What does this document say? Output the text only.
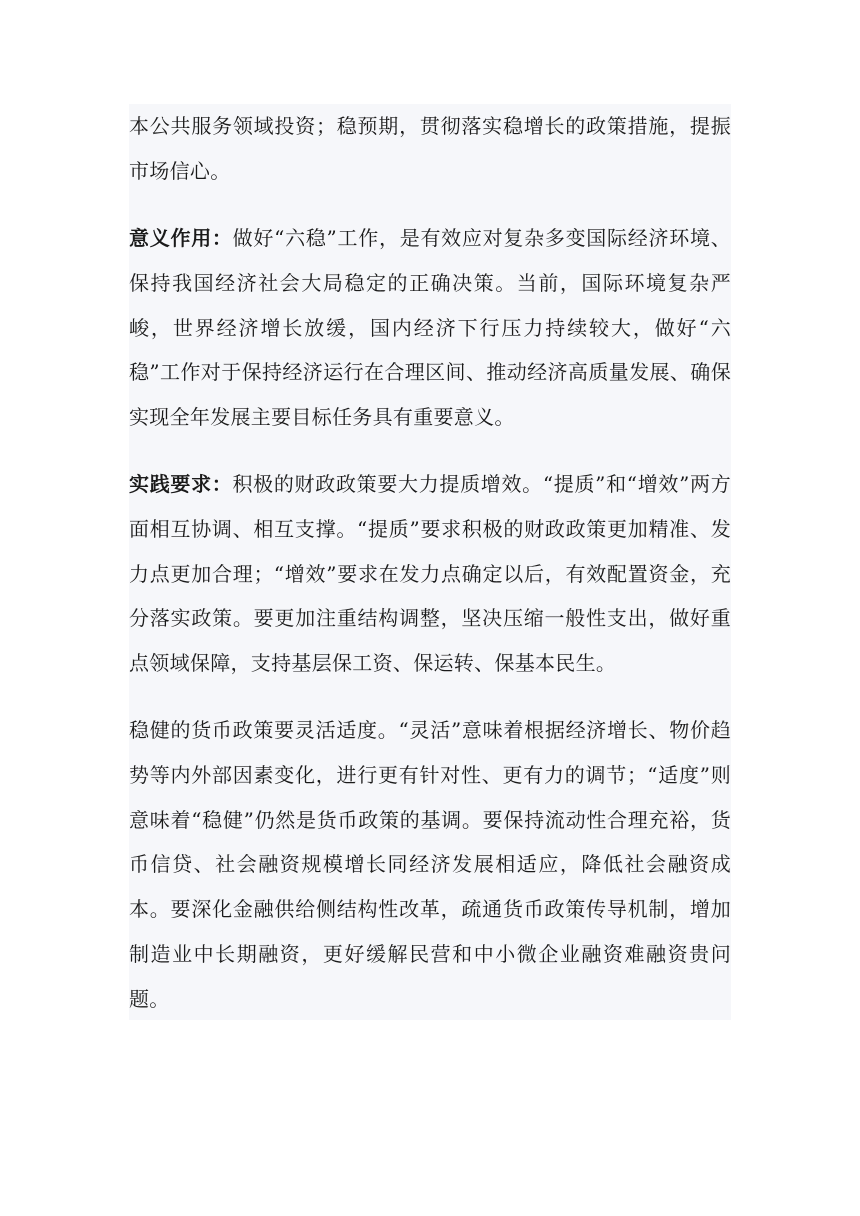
本公共服务领域投资；稳预期，贯彻落实稳增长的政策措施，提振市场信心。

意义作用：做好“六稳”工作，是有效应对复杂多变国际经济环境、保持我国经济社会大局稳定的正确决策。当前，国际环境复杂严峻，世界经济增长放缓，国内经济下行压力持续较大，做好“六稳”工作对于保持经济运行在合理区间、推动经济高质量发展、确保实现全年发展主要目标任务具有重要意义。

实践要求：积极的财政政策要大力提质增效。“提质”和“增效”两方面相互协调、相互支撑。“提质”要求积极的财政政策更加精准、发力点更加合理；“增效”要求在发力点确定以后，有效配置资金，充分落实政策。要更加注重结构调整，坚决压缩一般性支出，做好重点领域保障，支持基层保工资、保运转、保基本民生。

稳健的货币政策要灵活适度。“灵活”意味着根据经济增长、物价趋势等内外部因素变化，进行更有针对性、更有力的调节；“适度”则意味着“稳健”仍然是货币政策的基调。要保持流动性合理充裕，货币信贷、社会融资规模增长同经济发展相适应，降低社会融资成本。要深化金融供给侧结构性改革，疏通货币政策传导机制，增加制造业中长期融资，更好缓解民营和中小微企业融资难融资贵问题。
